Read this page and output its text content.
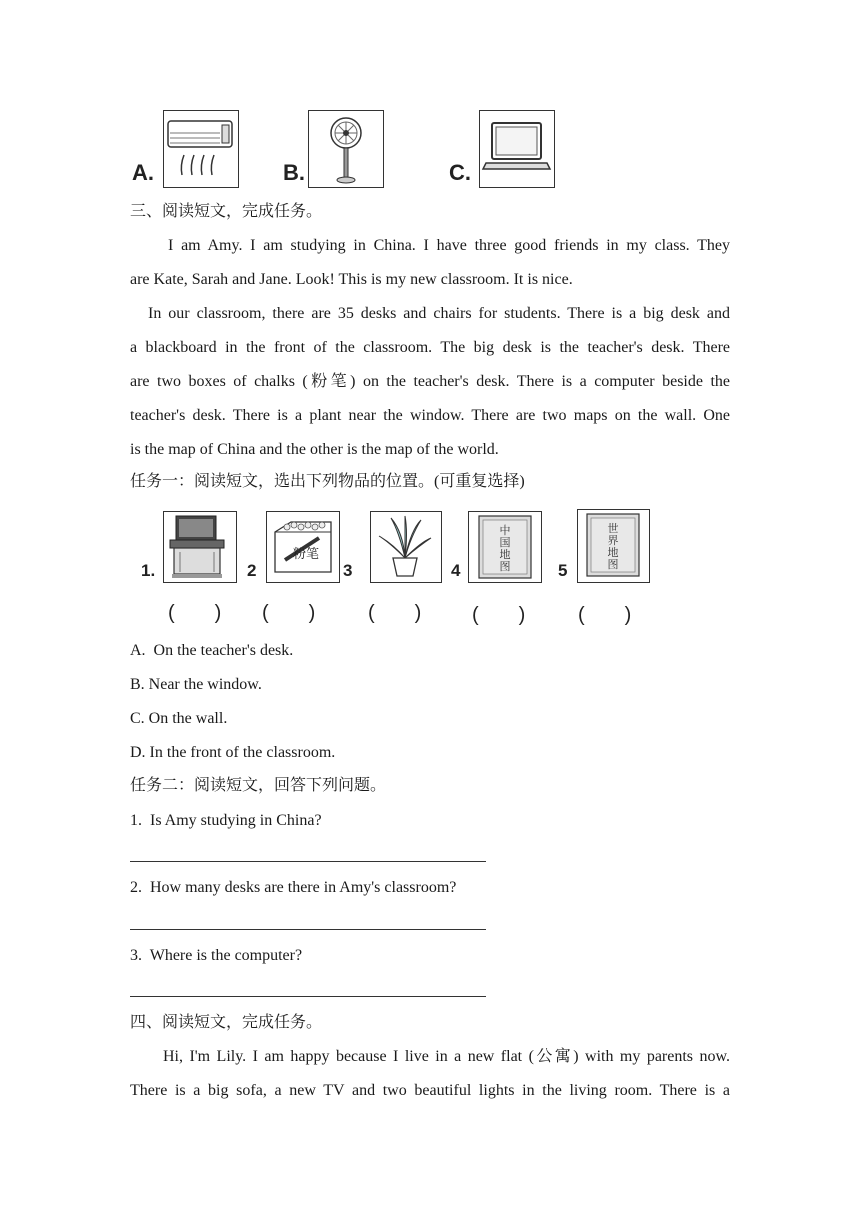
A.	B.	C.
三、阅读短文，完成任务。
I am Amy. I am studying in China. I have three good friends in my class. They
are Kate, Sarah and Jane. Look! This is my new classroom. It is nice.
In our classroom, there are 35 desks and chairs for students. There is a big desk and
a blackboard in the front of the classroom. The big desk is the teacher's desk. There
are two boxes of chalks (粉笔) on the teacher's desk. There is a computer beside the
teacher's desk. There is a plant near the window. There are two maps on the wall. One
is the map of China and the other is the map of the world.
任务一：阅读短文，选出下列物品的位置。(可重复选择)
1.
粉笔
2	3
中
国
地
图
4
世
界
地
图
5
(　　)	(　　)	(　　)	(　　)	(　　)
A.  On the teacher's desk.
B. Near the window.
C. On the wall.
D. In the front of the classroom.
任务二：阅读短文，回答下列问题。
1.  Is Amy studying in China?
2.  How many desks are there in Amy's classroom?
3.  Where is the computer?
四、阅读短文，完成任务。
Hi, I'm Lily. I am happy because I live in a new flat (公寓) with my parents now.
There is a big sofa, a new TV and two beautiful lights in the living room. There is a
